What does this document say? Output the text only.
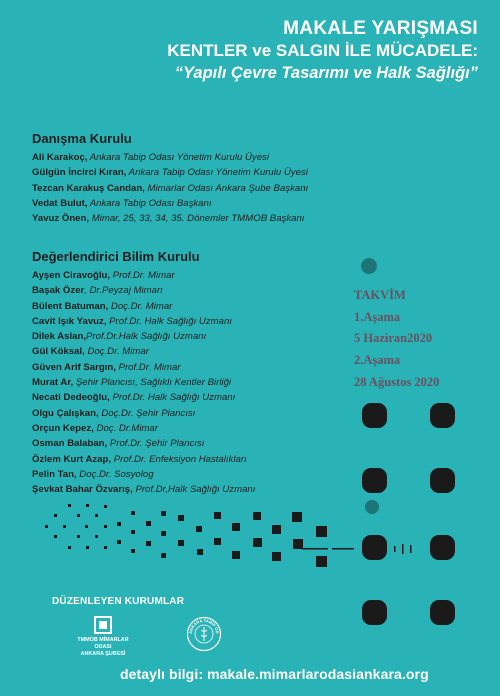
MAKALE YARIŞMASI
KENTLER ve SALGIN İLE MÜCADELE:
“Yapılı Çevre Tasarımı ve Halk Sağlığı”
Danışma Kurulu
Ali Karakoç, Ankara Tabip Odası Yönetim Kurulu Üyesi
Gülgün İncirci Kıran, Ankara Tabip Odası Yönetim Kurulu Üyesi
Tezcan Karakuş Candan, Mimarlar Odası Ankara Şube Başkanı
Vedat Bulut, Ankara Tabip Odası Başkanı
Yavuz Önen, Mimar, 25, 33, 34, 35. Dönemler TMMOB Başkanı
Değerlendirici Bilim Kurulu
Ayşen Ciravoğlu, Prof.Dr. Mimar
Başak Özer, Dr.Peyzaj Mimarı
Bülent Batuman, Doç.Dr. Mimar
Cavit Işık Yavuz, Prof.Dr. Halk Sağlığı Uzmanı
Dilek Aslan,Prof.Dr.Halk Sağlığı Uzmanı
Gül Köksal, Doç.Dr. Mimar
Güven Arif Sargın, Prof.Dr. Mimar
Murat Ar, Şehir Plancısı, Sağlıklı Kentler Birliği
Necati Dedeoğlu, Prof.Dr. Halk Sağlığı Uzmanı
Olgu Çalışkan, Doç.Dr. Şehir Plancısı
Orçun Kepez, Doç. Dr.Mimar
Osman Balaban, Prof.Dr. Şehir Plancısı
Özlem Kurt Azap, Prof.Dr. Enfeksiyon Hastalıkları
Pelin Tan, Doç.Dr. Sosyolog
Şevkat Bahar Özvarış, Prof.Dr,Halk Sağlığı Uzmanı
TAKVİM
1.Aşama
5 Haziran2020
2.Aşama
28 Ağustos 2020
DÜZENLEYEN KURUMLAR
TMMOB MİMARLAR ODASI
ANKARA ŞUBESİ
ANKARA TABİP OD
detaylı bilgi: makale.mimarlarodasiankara.org
